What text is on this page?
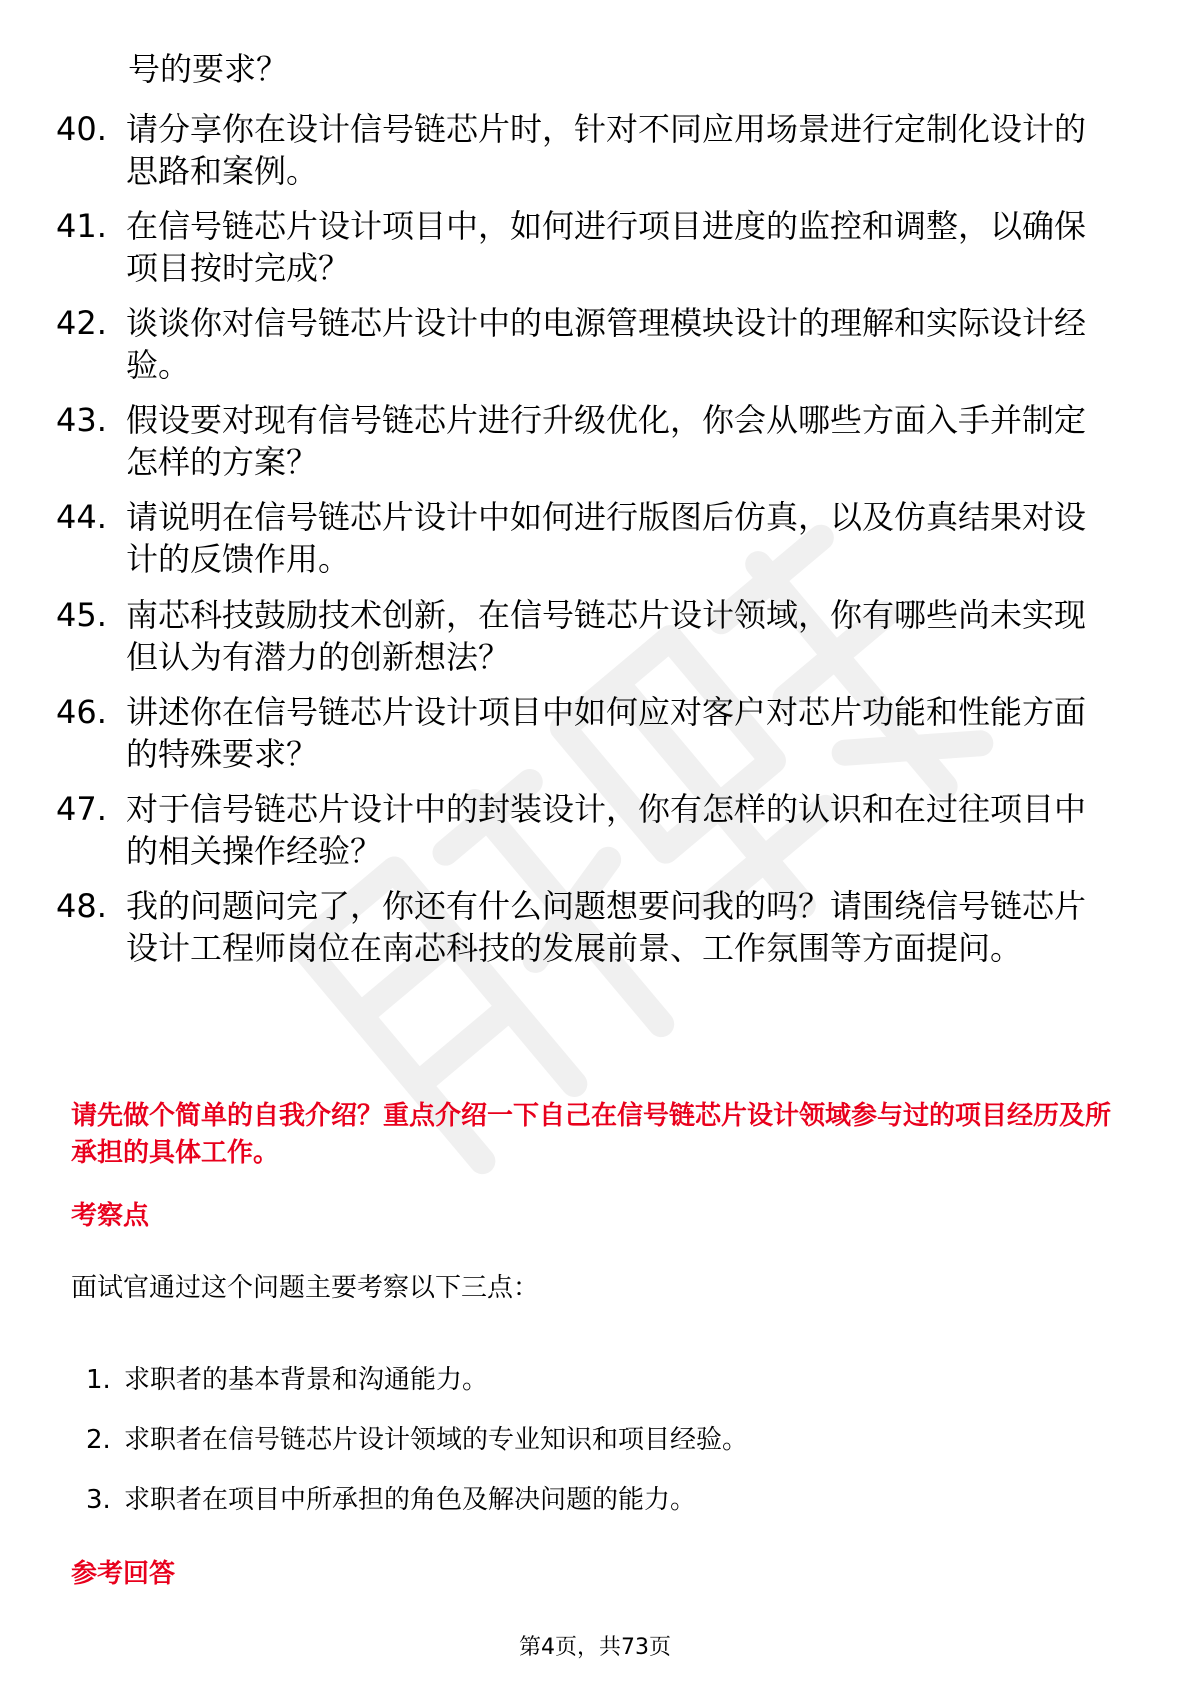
号的要求？
40. 请分享你在设计信号链芯片时，针对不同应用场景进行定制化设计的思路和案例。
41. 在信号链芯片设计项目中，如何进行项目进度的监控和调整，以确保项目按时完成？
42. 谈谈你对信号链芯片设计中的电源管理模块设计的理解和实际设计经验。
43. 假设要对现有信号链芯片进行升级优化，你会从哪些方面入手并制定怎样的方案？
44. 请说明在信号链芯片设计中如何进行版图后仿真，以及仿真结果对设计的反馈作用。
45. 南芯科技鼓励技术创新，在信号链芯片设计领域，你有哪些尚未实现但认为有潜力的创新想法？
46. 讲述你在信号链芯片设计项目中如何应对客户对芯片功能和性能方面的特殊要求？
47. 对于信号链芯片设计中的封装设计，你有怎样的认识和在过往项目中的相关操作经验？
48. 我的问题问完了，你还有什么问题想要问我的吗？请围绕信号链芯片设计工程师岗位在南芯科技的发展前景、工作氛围等方面提问。
请先做个简单的自我介绍？重点介绍一下自己在信号链芯片设计领域参与过的项目经历及所承担的具体工作。
考察点
面试官通过这个问题主要考察以下三点：
1. 求职者的基本背景和沟通能力。
2. 求职者在信号链芯片设计领域的专业知识和项目经验。
3. 求职者在项目中所承担的角色及解决问题的能力。
参考回答
第4页，共73页
